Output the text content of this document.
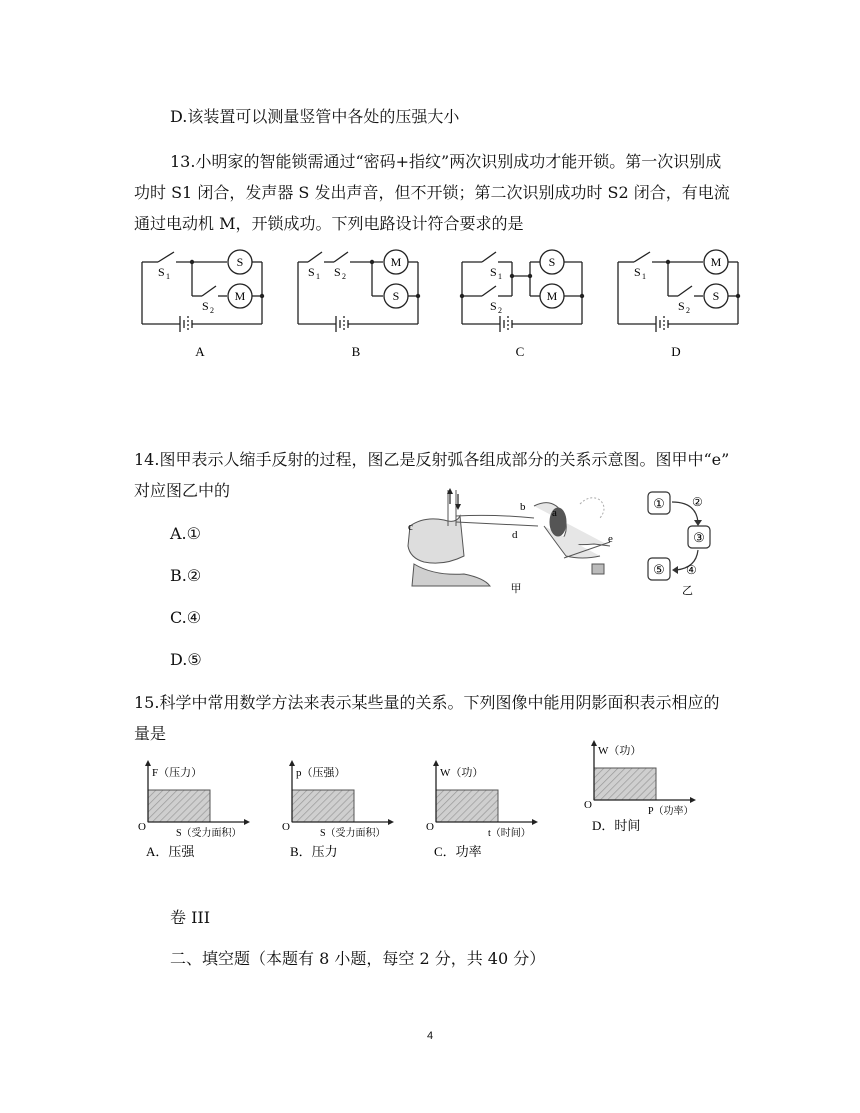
D.该装置可以测量竖管中各处的压强大小
13.小明家的智能锁需通过“密码+指纹”两次识别成功才能开锁。第一次识别成
功时 S1 闭合，发声器 S 发出声音，但不开锁；第二次识别成功时 S2 闭合，有电流
通过电动机 M，开锁成功。下列电路设计符合要求的是
S 1
S 2
S
M
A
S 1 S 2
M
S
B
S 1
S 2
S
M
C
S 1
S 2
M
S
D
14.图甲表示人缩手反射的过程，图乙是反射弧各组成部分的关系示意图。图甲中“e”
对应图乙中的
A.①
B.②
C.④
D.⑤
b a
c
d	e
甲
①
③
⑤
②
④
乙
15.科学中常用数学方法来表示某些量的关系。下列图像中能用阴影面积表示相应的
量是
F（压力）
S（受力面积）
O
A．压强
p（压强）
S（受力面积）
O
B．压力
W（功）
t（时间）
O
C．功率
W（功）
P（功率）
O
D．时间
卷 III
二、填空题（本题有 8 小题，每空 2 分，共 40 分）
4
